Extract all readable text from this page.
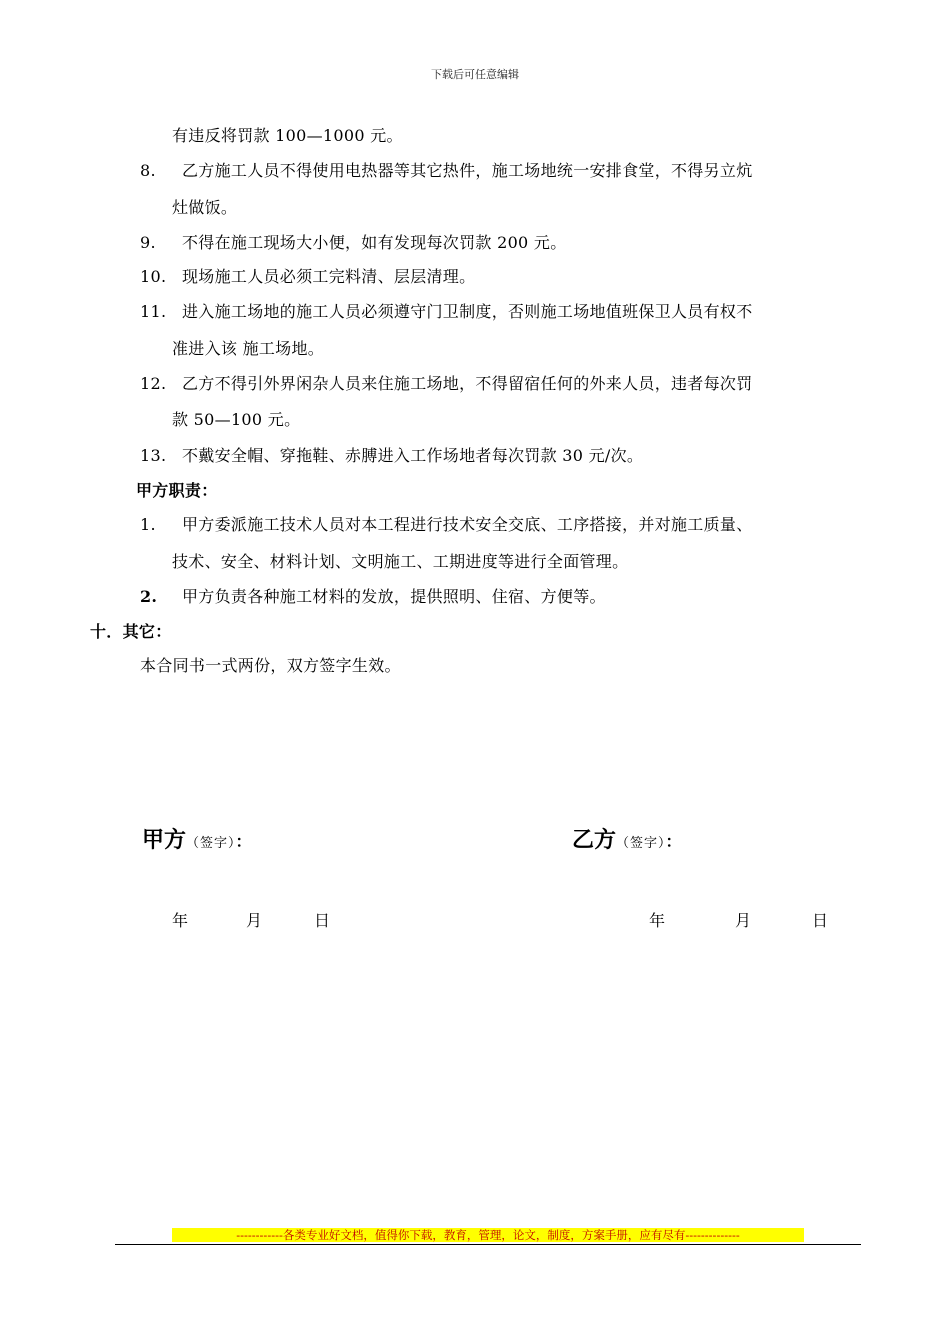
下载后可任意编辑
有违反将罚款 100—1000 元。
8. 乙方施工人员不得使用电热器等其它热件，施工场地统一安排食堂，不得另立炕
灶做饭。
9. 不得在施工现场大小便，如有发现每次罚款 200 元。
10. 现场施工人员必须工完料清、层层清理。
11. 进入施工场地的施工人员必须遵守门卫制度，否则施工场地值班保卫人员有权不
准进入该 施工场地。
12. 乙方不得引外界闲杂人员来住施工场地，不得留宿任何的外来人员，违者每次罚
款 50—100 元。
13. 不戴安全帽、穿拖鞋、赤膊进入工作场地者每次罚款 30 元/次。
甲方职责：
1. 甲方委派施工技术人员对本工程进行技术安全交底、工序搭接，并对施工质量、
技术、安全、材料计划、文明施工、工期进度等进行全面管理。
2. 甲方负责各种施工材料的发放，提供照明、住宿、方便等。
十．其它：
本合同书一式两份，双方签字生效。
甲方（签字）：	乙方（签字）：
年	月	日	年	月	日
------------各类专业好文档，值得你下载，教育，管理，论文，制度，方案手册，应有尽有--------------
